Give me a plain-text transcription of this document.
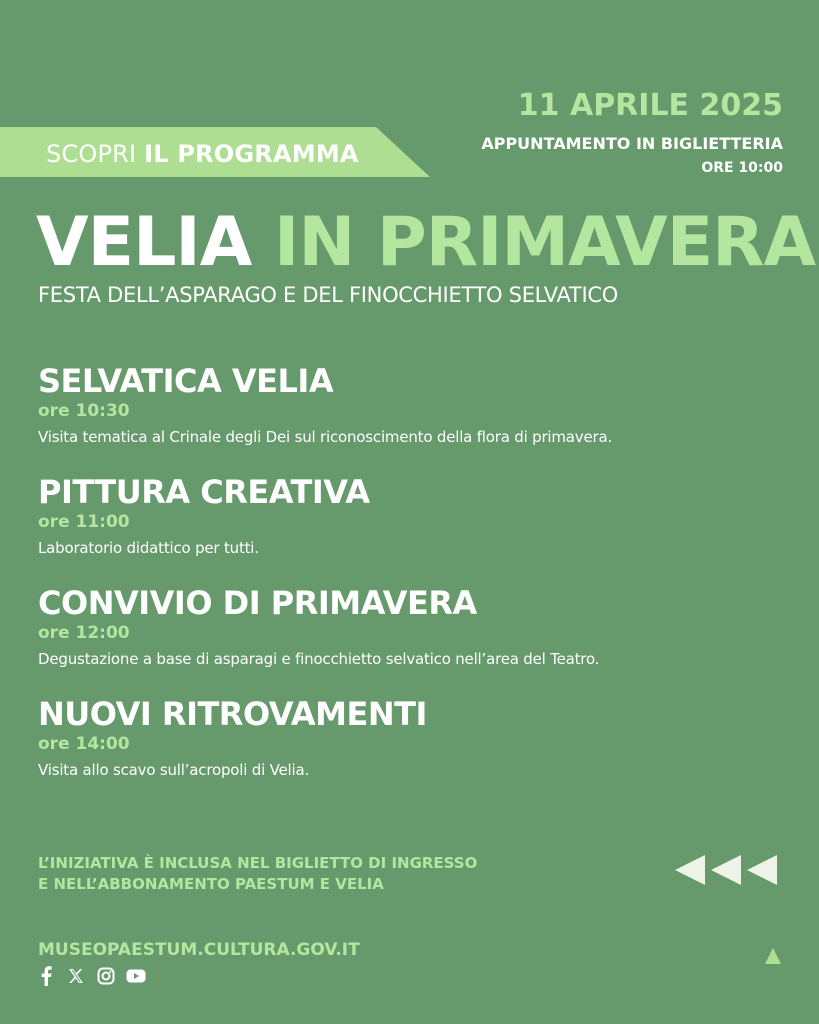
SCOPRI IL PROGRAMMA
11 APRILE 2025
APPUNTAMENTO IN BIGLIETTERIA
ORE 10:00
VELIA IN PRIMAVERA
FESTA DELL’ASPARAGO E DEL FINOCCHIETTO SELVATICO
SELVATICA VELIA
ore 10:30
Visita tematica al Crinale degli Dei sul riconoscimento della flora di primavera.
PITTURA CREATIVA
ore 11:00
Laboratorio didattico per tutti.
CONVIVIO DI PRIMAVERA
ore 12:00
Degustazione a base di asparagi e finocchietto selvatico nell’area del Teatro.
NUOVI RITROVAMENTI
ore 14:00
Visita allo scavo sull’acropoli di Velia.
L’INIZIATIVA È INCLUSA NEL BIGLIETTO DI INGRESSO
E NELL’ABBONAMENTO PAESTUM E VELIA
MUSEOPAESTUM.CULTURA.GOV.IT
